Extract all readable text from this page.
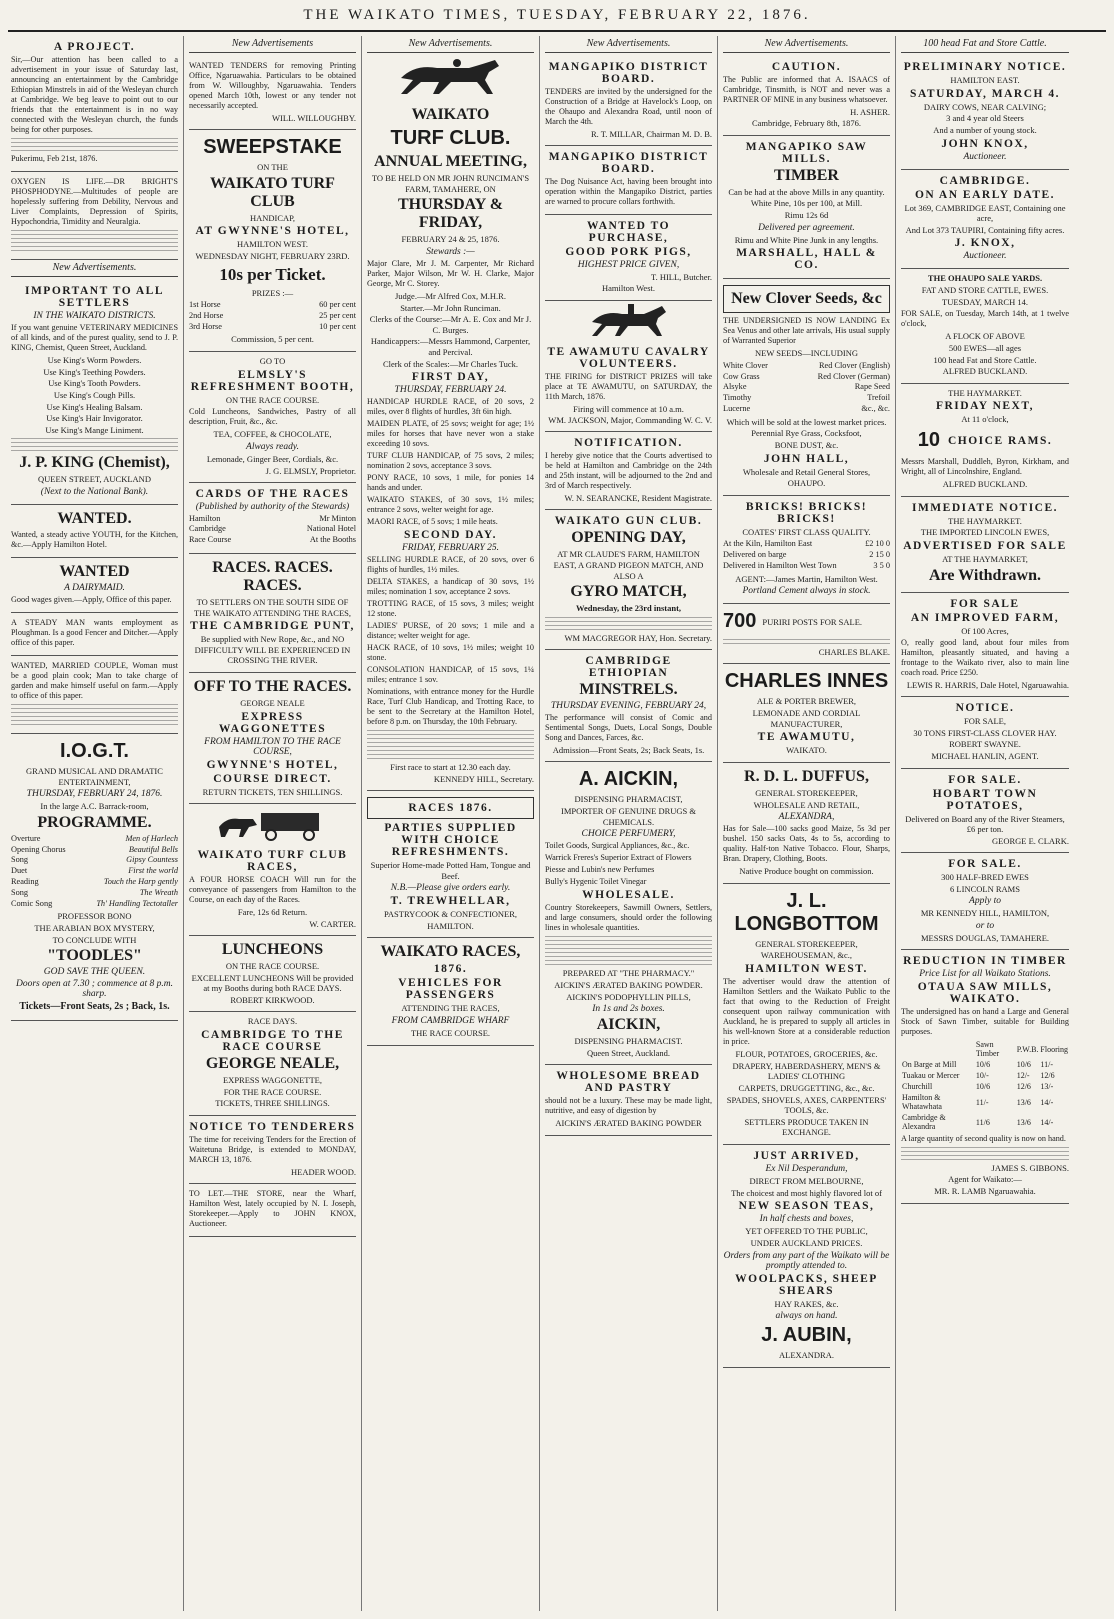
THE WAIKATO TIMES, TUESDAY, FEBRUARY 22, 1876.
A PROJECT.
Sir,—Our attention has been called to a advertisement in your issue of Saturday last, announcing an entertainment by the Cambridge Ethiopian Minstrels in aid of the Wesleyan church at Cambridge. We beg leave to point out to our friends that the entertainment is in no way connected with the Wesleyan church, the funds being for other purposes.
Pukerimu, Feb 21st, 1876.
OXYGEN IS LIFE.—DR BRIGHT'S PHOSPHODYNE.—Multitudes of people are hopelessly suffering from Debility, Nervous and Liver Complaints, Depression of Spirits, Hypochondria, Timidity and Neuralgia.
New Advertisements.
IMPORTANT TO ALL SETTLERS
IN THE WAIKATO DISTRICTS.
If you want genuine VETERINARY MEDICINES of all kinds, and of the purest quality, send to J. P. KING, Chemist, Queen Street, Auckland.
Use King's Worm Powders.
Use King's Teething Powders.
Use King's Tooth Powders.
Use King's Cough Pills.
Use King's Healing Balsam.
Use King's Hair Invigorator.
Use King's Mange Liniment.
J. P. KING (Chemist),
QUEEN STREET, AUCKLAND
(Next to the National Bank).
WANTED.
Wanted, a steady active YOUTH, for the Kitchen, &c.—Apply Hamilton Hotel.
WANTED
A DAIRYMAID.
Good wages given.—Apply, Office of this paper.
A STEADY MAN wants employment as Ploughman. Is a good Fencer and Ditcher.—Apply office of this paper.
WANTED, MARRIED COUPLE, Woman must be a good plain cook; Man to take charge of garden and make himself useful on farm.—Apply to office of this paper.
I.O.G.T.
GRAND MUSICAL AND DRAMATIC ENTERTAINMENT,
THURSDAY, FEBRUARY 24, 1876.
In the large A.C. Barrack-room,
PROGRAMME.
Overture	Men of Harlech
Opening Chorus	Beautiful Bells
Song	Gipsy Countess
Duet	First the world
Reading	Touch the Harp gently
Song	The Wreath
Comic Song	Th' Handling Tectotaller
PROFESSOR BONO
THE ARABIAN BOX MYSTERY,
TO CONCLUDE WITH
"TOODLES"
GOD SAVE THE QUEEN.
Doors open at 7.30 ; commence at 8 p.m. sharp.
Tickets—Front Seats, 2s ; Back, 1s.
New Advertisements
WANTED TENDERS for removing Printing Office, Ngaruawahia. Particulars to be obtained from W. Willoughby, Ngaruawahia. Tenders opened March 10th, lowest or any tender not necessarily accepted.
WILL. WILLOUGHBY.
SWEEPSTAKE
ON THE
WAIKATO TURF CLUB
HANDICAP,
AT GWYNNE'S HOTEL,
HAMILTON WEST.
WEDNESDAY NIGHT, FEBRUARY 23RD.
10s per Ticket.
PRIZES :—
1st Horse	60 per cent
2nd Horse	25 per cent
3rd Horse	10 per cent
Commission, 5 per cent.
GO TO
ELMSLY'S REFRESHMENT BOOTH,
ON THE RACE COURSE.
Cold Luncheons, Sandwiches, Pastry of all description, Fruit, &c., &c.
TEA, COFFEE, & CHOCOLATE,
Always ready.
Lemonade, Ginger Beer, Cordials, &c.
J. G. ELMSLY, Proprietor.
CARDS OF THE RACES
(Published by authority of the Stewards)
Hamilton	Mr Minton
Cambridge	National Hotel
Race Course	At the Booths
RACES. RACES. RACES.
TO SETTLERS ON THE SOUTH SIDE OF THE WAIKATO ATTENDING THE RACES,
THE CAMBRIDGE PUNT,
Be supplied with New Rope, &c., and NO DIFFICULTY WILL BE EXPERIENCED IN CROSSING THE RIVER.
OFF TO THE RACES.
GEORGE NEALE
EXPRESS WAGGONETTES
FROM HAMILTON TO THE RACE COURSE,
GWYNNE'S HOTEL,
COURSE DIRECT.
RETURN TICKETS, TEN SHILLINGS.
WAIKATO TURF CLUB RACES,
A FOUR HORSE COACH Will run for the conveyance of passengers from Hamilton to the Course, on each day of the Races.
Fare, 12s 6d Return.
W. CARTER.
LUNCHEONS
ON THE RACE COURSE.
EXCELLENT LUNCHEONS Will be provided at my Booths during both RACE DAYS.
ROBERT KIRKWOOD.
RACE DAYS.
CAMBRIDGE TO THE RACE COURSE
GEORGE NEALE,
EXPRESS WAGGONETTE,
FOR THE RACE COURSE.
TICKETS, THREE SHILLINGS.
NOTICE TO TENDERERS
The time for receiving Tenders for the Erection of Waitetuna Bridge, is extended to MONDAY, MARCH 13, 1876.
HEADER WOOD.
TO LET.—THE STORE, near the Wharf, Hamilton West, lately occupied by N. I. Joseph, Storekeeper.—Apply to JOHN KNOX, Auctioneer.
New Advertisements.
WAIKATO
TURF CLUB.
ANNUAL MEETING,
TO BE HELD ON MR JOHN RUNCIMAN'S FARM, TAMAHERE, ON
THURSDAY & FRIDAY,
FEBRUARY 24 & 25, 1876.
Stewards :—
Major Clare, Mr J. M. Carpenter, Mr Richard Parker, Major Wilson, Mr W. H. Clarke, Major George, Mr C. Storey.
Judge.—Mr Alfred Cox, M.H.R.
Starter.—Mr John Runciman.
Clerks of the Course:—Mr A. E. Cox and Mr J. C. Burges.
Handicappers:—Messrs Hammond, Carpenter, and Percival.
Clerk of the Scales:—Mr Charles Tuck.
FIRST DAY,
THURSDAY, FEBRUARY 24.
HANDICAP HURDLE RACE, of 20 sovs, 2 miles, over 8 flights of hurdles, 3ft 6in high.
MAIDEN PLATE, of 25 sovs; weight for age; 1½ miles for horses that have never won a stake exceeding 10 sovs.
TURF CLUB HANDICAP, of 75 sovs, 2 miles; nomination 2 sovs, acceptance 3 sovs.
PONY RACE, 10 sovs, 1 mile, for ponies 14 hands and under.
WAIKATO STAKES, of 30 sovs, 1½ miles; entrance 2 sovs, welter weight for age.
MAORI RACE, of 5 sovs; 1 mile heats.
SECOND DAY.
FRIDAY, FEBRUARY 25.
SELLING HURDLE RACE, of 20 sovs, over 6 flights of hurdles, 1½ miles.
DELTA STAKES, a handicap of 30 sovs, 1½ miles; nomination 1 sov, acceptance 2 sovs.
TROTTING RACE, of 15 sovs, 3 miles; weight 12 stone.
LADIES' PURSE, of 20 sovs; 1 mile and a distance; welter weight for age.
HACK RACE, of 10 sovs, 1½ miles; weight 10 stone.
CONSOLATION HANDICAP, of 15 sovs, 1¼ miles; entrance 1 sov.
Nominations, with entrance money for the Hurdle Race, Turf Club Handicap, and Trotting Race, to be sent to the Secretary at the Hamilton Hotel, before 8 p.m. on Thursday, the 10th February.
First race to start at 12.30 each day.
KENNEDY HILL, Secretary.
RACES 1876.
PARTIES SUPPLIED WITH CHOICE REFRESHMENTS.
Superior Home-made Potted Ham, Tongue and Beef.
N.B.—Please give orders early.
T. TREWHELLAR,
PASTRYCOOK & CONFECTIONER,
HAMILTON.
WAIKATO RACES,
1876.
VEHICLES FOR PASSENGERS
ATTENDING THE RACES,
FROM CAMBRIDGE WHARF
THE RACE COURSE.
New Advertisements.
MANGAPIKO DISTRICT BOARD.
TENDERS are invited by the undersigned for the Construction of a Bridge at Havelock's Loop, on the Ohaupo and Alexandra Road, until noon of March the 4th.
R. T. MILLAR, Chairman M. D. B.
MANGAPIKO DISTRICT BOARD.
The Dog Nuisance Act, having been brought into operation within the Mangapiko District, parties are warned to procure collars forthwith.
WANTED TO PURCHASE,
GOOD PORK PIGS,
HIGHEST PRICE GIVEN,
T. HILL, Butcher.
Hamilton West.
TE AWAMUTU CAVALRY VOLUNTEERS.
THE FIRING for DISTRICT PRIZES will take place at TE AWAMUTU, on SATURDAY, the 11th March, 1876.
Firing will commence at 10 a.m.
WM. JACKSON, Major, Commanding W. C. V.
NOTIFICATION.
I hereby give notice that the Courts advertised to be held at Hamilton and Cambridge on the 24th and 25th instant, will be adjourned to the 2nd and 3rd of March respectively.
W. N. SEARANCKE, Resident Magistrate.
WAIKATO GUN CLUB.
OPENING DAY,
AT MR CLAUDE'S FARM, HAMILTON EAST, A GRAND PIGEON MATCH, AND ALSO A
GYRO MATCH,
Wednesday, the 23rd instant,
WM MACGREGOR HAY, Hon. Secretary.
CAMBRIDGE ETHIOPIAN
MINSTRELS.
THURSDAY EVENING, FEBRUARY 24,
The performance will consist of Comic and Sentimental Songs, Duets, Local Songs, Double Song and Dances, Farces, &c.
Admission—Front Seats, 2s; Back Seats, 1s.
A. AICKIN,
DISPENSING PHARMACIST,
IMPORTER OF GENUINE DRUGS & CHEMICALS.
CHOICE PERFUMERY,
Toilet Goods, Surgical Appliances, &c., &c.
Warrick Freres's Superior Extract of Flowers
Piesse and Lubin's new Perfumes
Bully's Hygenic Toilet Vinegar
WHOLESALE.
Country Storekeepers, Sawmill Owners, Settlers, and large consumers, should order the following lines in wholesale quantities.
PREPARED AT "THE PHARMACY."
AICKIN'S ÆRATED BAKING POWDER.
AICKIN'S PODOPHYLLIN PILLS,
In 1s and 2s boxes.
AICKIN,
DISPENSING PHARMACIST.
Queen Street, Auckland.
WHOLESOME BREAD AND PASTRY
should not be a luxury. These may be made light, nutritive, and easy of digestion by
AICKIN'S ÆRATED BAKING POWDER
New Advertisements.
CAUTION.
The Public are informed that A. ISAACS of Cambridge, Tinsmith, is NOT and never was a PARTNER OF MINE in any business whatsoever.
H. ASHER.
Cambridge, February 8th, 1876.
MANGAPIKO SAW MILLS.
TIMBER
Can be had at the above Mills in any quantity.
White Pine, 10s per 100, at Mill.
Rimu 12s 6d
Delivered per agreement.
Rimu and White Pine Junk in any lengths.
MARSHALL, HALL & CO.
New Clover Seeds, &c
THE UNDERSIGNED IS NOW LANDING Ex Sea Venus and other late arrivals, His usual supply of Warranted Superior
NEW SEEDS—INCLUDING
White Clover	Red Clover (English)
Cow Grass	Red Clover (German)
Alsyke	Rape Seed
Timothy	Trefoil
Lucerne	&c., &c.
Which will be sold at the lowest market prices.
Perennial Rye Grass, Cocksfoot,
BONE DUST, &c.
JOHN HALL,
Wholesale and Retail General Stores,
OHAUPO.
BRICKS! BRICKS! BRICKS!
COATES' FIRST CLASS QUALITY.
At the Kiln, Hamilton East	£2 10 0
Delivered on barge	2 15 0
Delivered in Hamilton West Town	3 5 0
AGENT:—James Martin, Hamilton West.
Portland Cement always in stock.
700 PURIRI POSTS FOR SALE.
CHARLES BLAKE.
CHARLES INNES
ALE & PORTER BREWER,
LEMONADE AND CORDIAL MANUFACTURER,
TE AWAMUTU,
WAIKATO.
R. D. L. DUFFUS,
GENERAL STOREKEEPER,
WHOLESALE AND RETAIL,
ALEXANDRA,
Has for Sale—100 sacks good Maize, 5s 3d per bushel. 150 sacks Oats, 4s to 5s, according to quality. Half-ton Native Tobacco. Flour, Sharps, Bran. Drapery, Clothing, Boots.
Native Produce bought on commission.
J. L. LONGBOTTOM
GENERAL STOREKEEPER,
WAREHOUSEMAN, &c.,
HAMILTON WEST.
The advertiser would draw the attention of Hamilton Settlers and the Waikato Public to the fact that owing to the Reduction of Freight consequent upon railway communication with Auckland, he is prepared to supply all articles in his well-known Store at a considerable reduction in price.
FLOUR, POTATOES, GROCERIES, &c.
DRAPERY, HABERDASHERY, MEN'S & LADIES' CLOTHING
CARPETS, DRUGGETTING, &c., &c.
SPADES, SHOVELS, AXES, CARPENTERS' TOOLS, &c.
SETTLERS PRODUCE TAKEN IN EXCHANGE.
JUST ARRIVED,
Ex Nil Desperandum,
DIRECT FROM MELBOURNE,
The choicest and most highly flavored lot of
NEW SEASON TEAS,
In half chests and boxes,
YET OFFERED TO THE PUBLIC,
UNDER AUCKLAND PRICES.
Orders from any part of the Waikato will be promptly attended to.
WOOLPACKS, SHEEP SHEARS
HAY RAKES, &c.
always on hand.
J. AUBIN,
ALEXANDRA.
100 head Fat and Store Cattle.
PRELIMINARY NOTICE.
HAMILTON EAST.
SATURDAY, MARCH 4.
DAIRY COWS, NEAR CALVING;
3 and 4 year old Steers
And a number of young stock.
JOHN KNOX,
Auctioneer.
CAMBRIDGE.
ON AN EARLY DATE.
Lot 369, CAMBRIDGE EAST, Containing one acre,
And Lot 373 TAUPIRI, Containing fifty acres.
J. KNOX,
Auctioneer.
THE OHAUPO SALE YARDS.
FAT AND STORE CATTLE, EWES.
TUESDAY, MARCH 14.
FOR SALE, on Tuesday, March 14th, at 1 twelve o'clock,
A FLOCK OF ABOVE
500 EWES—all ages
100 head Fat and Store Cattle.
ALFRED BUCKLAND.
THE HAYMARKET.
FRIDAY NEXT,
At 11 o'clock,
10 CHOICE RAMS.
Messrs Marshall, Duddleh, Byron, Kirkham, and Wright, all of Lincolnshire, England.
ALFRED BUCKLAND.
IMMEDIATE NOTICE.
THE HAYMARKET.
THE IMPORTED LINCOLN EWES,
ADVERTISED FOR SALE
AT THE HAYMARKET,
Are Withdrawn.
FOR SALE
AN IMPROVED FARM,
Of 100 Acres,
O, really good land, about four miles from Hamilton, pleasantly situated, and having a frontage to the Waikato river, also to main line coach road. Price £250.
LEWIS R. HARRIS, Dale Hotel, Ngaruawahia.
NOTICE.
FOR SALE,
30 TONS FIRST-CLASS CLOVER HAY.
ROBERT SWAYNE.
MICHAEL HANLIN, AGENT.
FOR SALE.
HOBART TOWN POTATOES,
Delivered on Board any of the River Steamers, £6 per ton.
GEORGE E. CLARK.
FOR SALE.
300 HALF-BRED EWES
6 LINCOLN RAMS
Apply to
MR KENNEDY HILL, HAMILTON,
or to
MESSRS DOUGLAS, TAMAHERE.
REDUCTION IN TIMBER
Price List for all Waikato Stations.
OTAUA SAW MILLS, WAIKATO.
The undersigned has on hand a Large and General Stock of Sawn Timber, suitable for Building purposes.
	Sawn Timber	P.W.B.	Flooring
On Barge at Mill	10/6	10/6	11/-
Tuakau or Mercer	10/-	12/-	12/6
Churchill	10/6	12/6	13/-
Hamilton & Whatawhata	11/-	13/6	14/-
Cambridge & Alexandra	11/6	13/6	14/-
A large quantity of second quality is now on hand.
JAMES S. GIBBONS.
Agent for Waikato:—
MR. R. LAMB Ngaruawahia.
